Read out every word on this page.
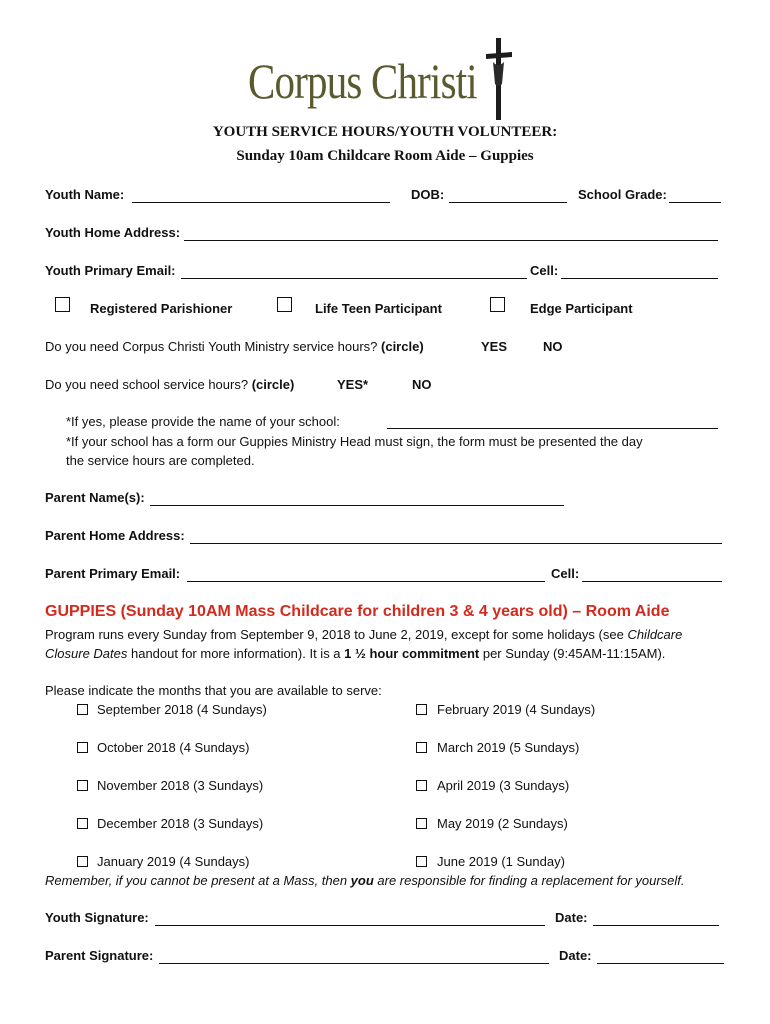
Corpus Christi
YOUTH SERVICE HOURS/YOUTH VOLUNTEER:
Sunday 10am Childcare Room Aide – Guppies
Youth Name:	DOB:	School Grade:
Youth Home Address:
Youth Primary Email:	Cell:
Registered Parishioner	Life Teen Participant	Edge Participant
Do you need Corpus Christi Youth Ministry service hours? (circle)	YES	NO
Do you need school service hours? (circle)	YES*	NO
*If yes, please provide the name of your school:
*If your school has a form our Guppies Ministry Head must sign, the form must be presented the day
the service hours are completed.
Parent Name(s):
Parent Home Address:
Parent Primary Email:	Cell:
GUPPIES (Sunday 10AM Mass Childcare for children 3 & 4 years old) – Room Aide
Program runs every Sunday from September 9, 2018 to June 2, 2019, except for some holidays (see Childcare Closure Dates handout for more information). It is a 1 ½ hour commitment per Sunday (9:45AM-11:15AM).
Please indicate the months that you are available to serve:
September 2018 (4 Sundays)
October 2018 (4 Sundays)
November 2018 (3 Sundays)
December 2018 (3 Sundays)
January 2019 (4 Sundays)
February 2019 (4 Sundays)
March 2019 (5 Sundays)
April 2019 (3 Sundays)
May 2019 (2 Sundays)
June 2019 (1 Sunday)
Remember, if you cannot be present at a Mass, then you are responsible for finding a replacement for yourself.
Youth Signature:	Date:
Parent Signature:	Date:
